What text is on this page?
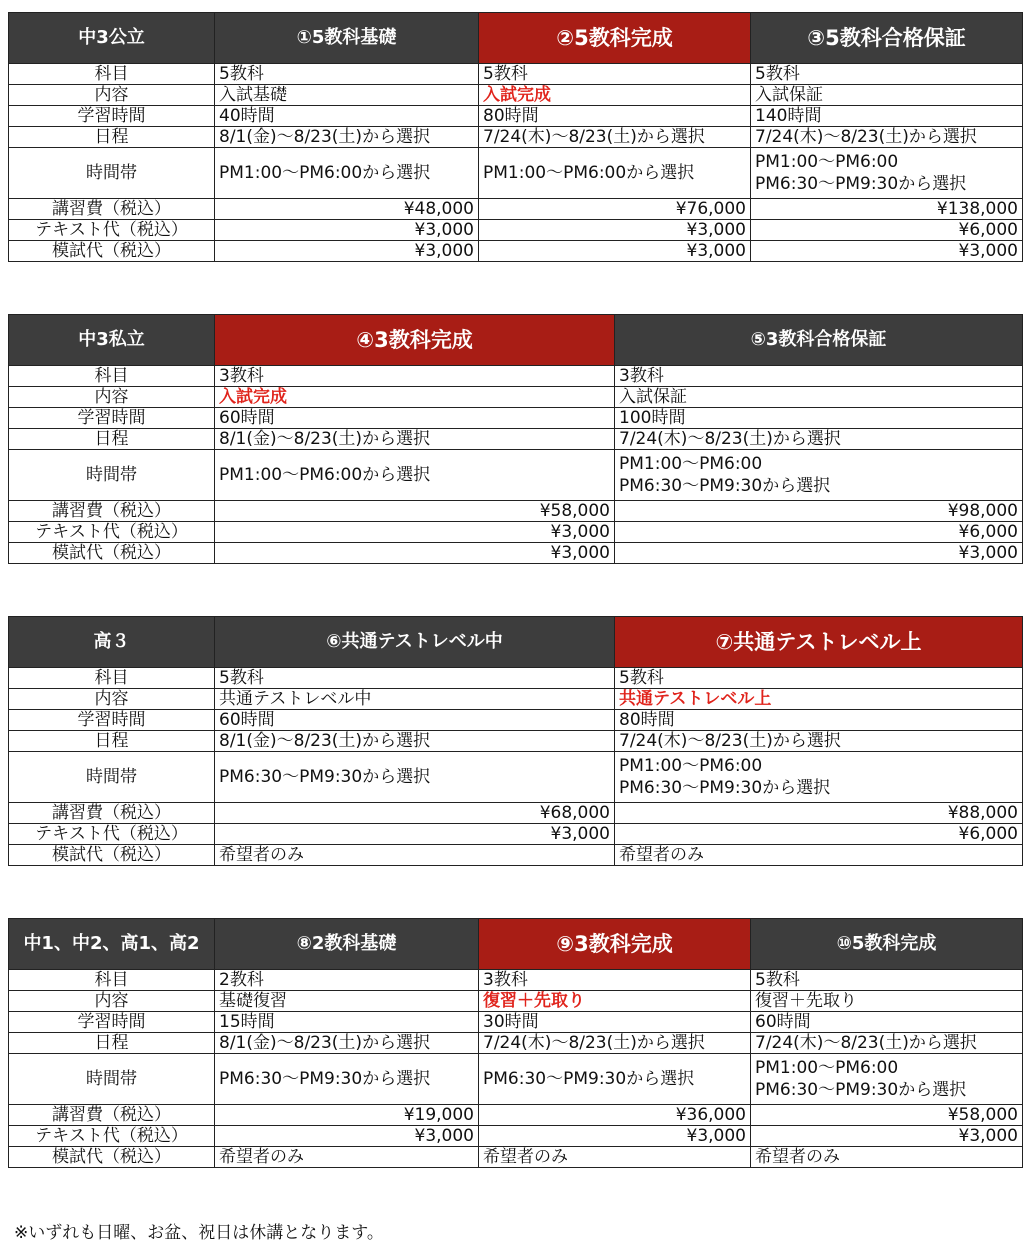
中3公立	①5教科基礎	②5教科完成	③5教科合格保証
科目	5教科	5教科	5教科
内容	入試基礎	入試完成	入試保証
学習時間	40時間	80時間	140時間
日程	8/1(金)～8/23(土)から選択	7/24(木)～8/23(土)から選択	7/24(木)～8/23(土)から選択
時間帯	PM1:00～PM6:00から選択	PM1:00～PM6:00から選択	PM1:00～PM6:00
PM6:30～PM9:30から選択

講習費（税込）	¥48,000	¥76,000	¥138,000
テキスト代（税込）	¥3,000	¥3,000	¥6,000
模試代（税込）	¥3,000	¥3,000	¥3,000
中3私立	④3教科完成	⑤3教科合格保証
科目	3教科	3教科
内容	入試完成	入試保証
学習時間	60時間	100時間
日程	8/1(金)～8/23(土)から選択	7/24(木)～8/23(土)から選択
時間帯	PM1:00～PM6:00から選択	PM1:00～PM6:00
PM6:30～PM9:30から選択

講習費（税込）	¥58,000	¥98,000
テキスト代（税込）	¥3,000	¥6,000
模試代（税込）	¥3,000	¥3,000
高３	⑥共通テストレベル中	⑦共通テストレベル上
科目	5教科	5教科
内容	共通テストレベル中	共通テストレベル上
学習時間	60時間	80時間
日程	8/1(金)～8/23(土)から選択	7/24(木)～8/23(土)から選択
時間帯	PM6:30～PM9:30から選択	PM1:00～PM6:00
PM6:30～PM9:30から選択

講習費（税込）	¥68,000	¥88,000
テキスト代（税込）	¥3,000	¥6,000
模試代（税込）	希望者のみ	希望者のみ
中1、中2、高1、高2	⑧2教科基礎	⑨3教科完成	⑩5教科完成
科目	2教科	3教科	5教科
内容	基礎復習	復習＋先取り	復習＋先取り
学習時間	15時間	30時間	60時間
日程	8/1(金)～8/23(土)から選択	7/24(木)～8/23(土)から選択	7/24(木)～8/23(土)から選択
時間帯	PM6:30～PM9:30から選択	PM6:30～PM9:30から選択	PM1:00～PM6:00
PM6:30～PM9:30から選択

講習費（税込）	¥19,000	¥36,000	¥58,000
テキスト代（税込）	¥3,000	¥3,000	¥3,000
模試代（税込）	希望者のみ	希望者のみ	希望者のみ
※いずれも日曜、お盆、祝日は休講となります。
